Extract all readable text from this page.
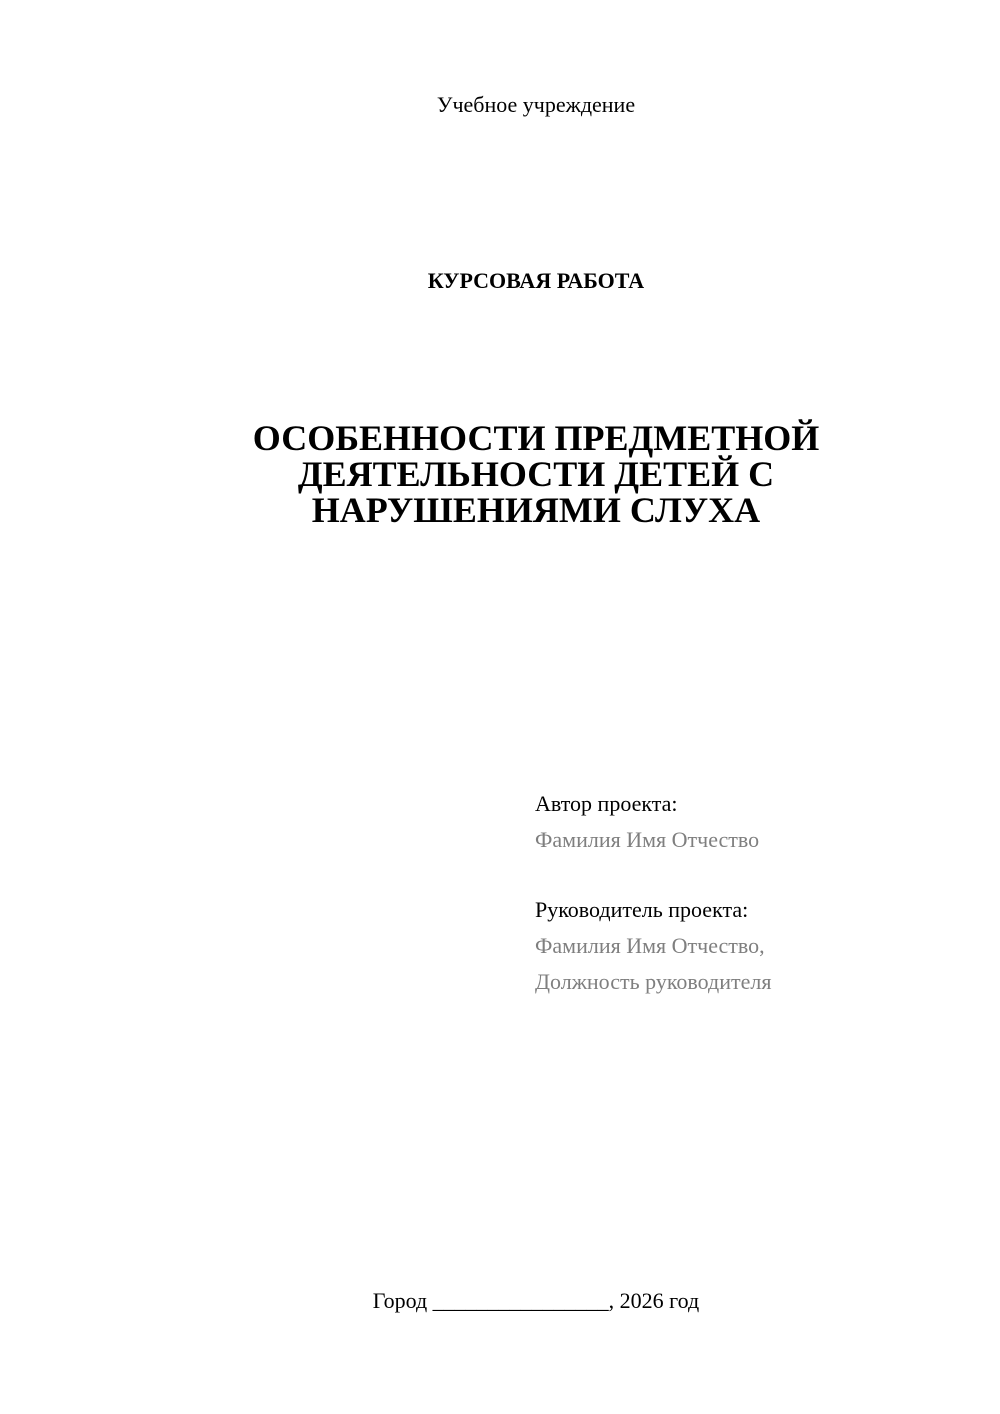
Учебное учреждение
КУРСОВАЯ РАБОТА
ОСОБЕННОСТИ ПРЕДМЕТНОЙ
ДЕЯТЕЛЬНОСТИ ДЕТЕЙ С
НАРУШЕНИЯМИ СЛУХА
Автор проекта:
Фамилия Имя Отчество
Руководитель проекта:
Фамилия Имя Отчество,
Должность руководителя
Город ________________, 2026 год
